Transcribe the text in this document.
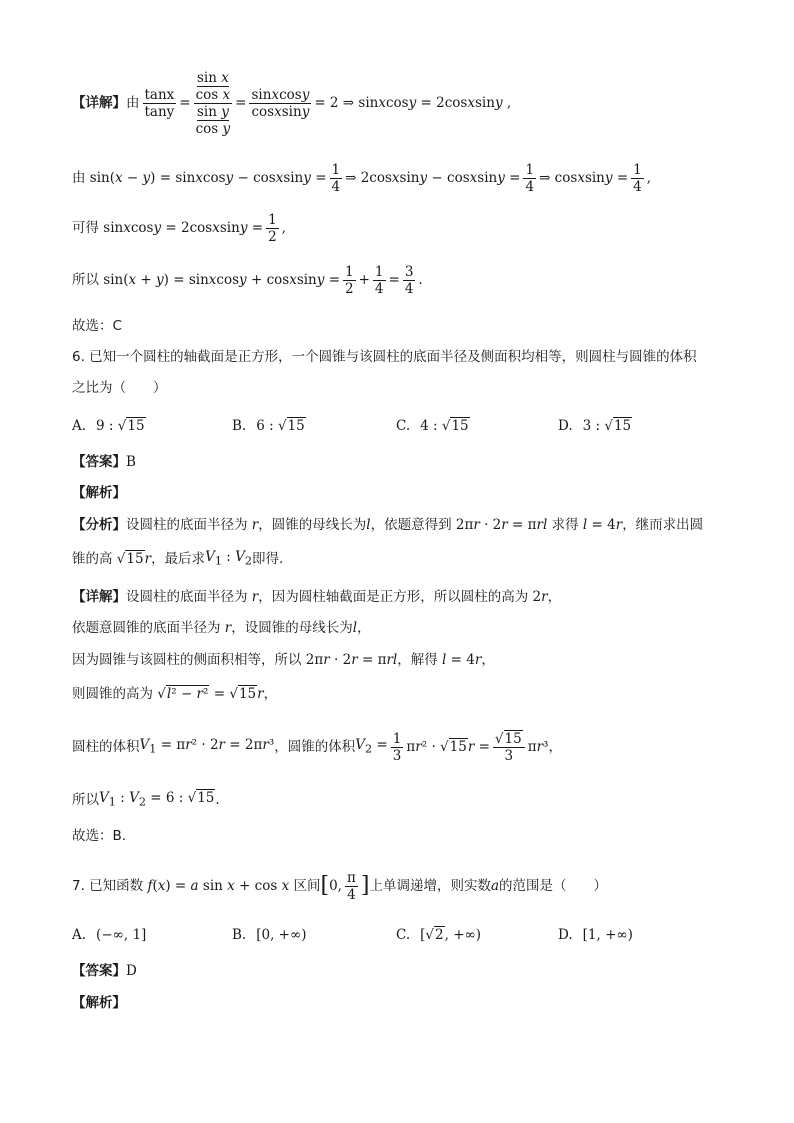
【详解】 由 $\frac{\tan x}{\tan y} = \sin x$
cos x
sin y
$\cos y = \frac{\text{sinxcosy}}{\text{cosxsiny}} = 2$ ⇒ sinxcosy = 2cosxsiny ,
由 sin(x − y) = sinxcosy − cosxsiny = $\frac{1}{4}$ ⇒ 2cosxsiny − cosxsiny = $\frac{1}{4}$ ⇒ cosxsiny = $\frac{1}{4}$ ,
可得 sinxcosy = 2cosxsiny = $\frac{1}{2}$ ,
所以 sin(x + y) = sinxcosy + cosxsiny = $\frac{1}{2} + \frac{1}{4} = \frac{3}{4}$ .
故选：C
6. 已知一个圆柱的轴截面是正方形，一个圆锥与该圆柱的底面半径及侧面积均相等，则圆柱与圆锥的体积
之比为（　　）
A. 9 : √15	B. 6 : √15	C. 4 : √15	D. 3 : √15
【答案】 B
【解析】
【分析】 设圆柱的底面半径为 r ，圆锥的母线长为 l ，依题意得到 2πr · 2r = πrl 求得 l = 4r ，继而求出圆
锥的高 √15r ，最后求 $V_1$ : $V_2$ 即得.
【详解】 设圆柱的底面半径为 r ，因为圆柱轴截面是正方形，所以圆柱的高为 2r ，
依题意圆锥的底面半径为 r ，设圆锥的母线长为 l ，
因为圆锥与该圆柱的侧面积相等，所以 2πr · 2r = πrl ，解得 l = 4r ，
则圆锥的高为 √l² − r² = √15r ，
圆柱的体积 $V_1 = \pi r^2 \cdot 2r = 2\pi r^3$ ，圆锥的体积 $V_2 = \frac{1}{3} \pi r^2 \cdot √15r = \frac{√15}{3} \pi r^3$ ，
所以 $V_1$ : $V_2 = 6$ : √15 .
故选：B.
7. 已知函数 f(x) = a sin x + cos x 区间 [ 0, $\frac{\pi}{4}$ ] 上单调递增，则实数 a 的范围是（　　）
A. (−∞, 1]	B. [0, +∞)	C. [√2, +∞)	D. [1, +∞)
【答案】 D
【解析】
